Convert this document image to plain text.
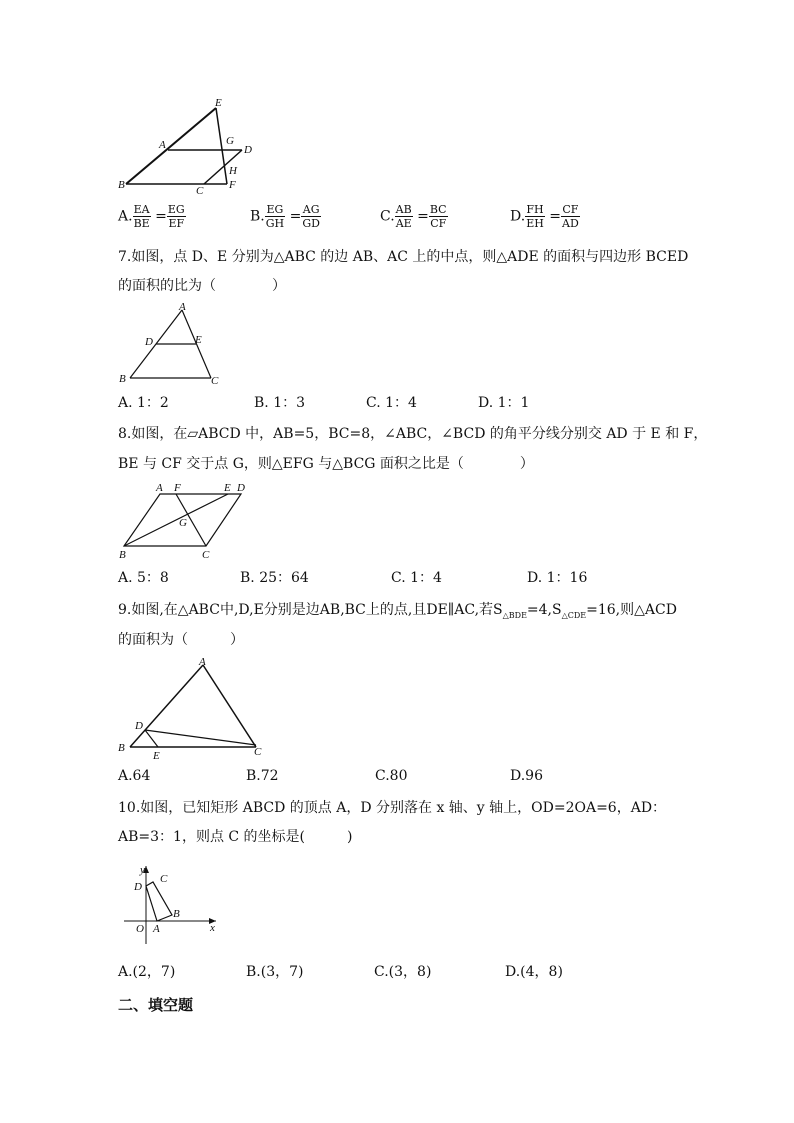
E
A	G
D
B	C
H
F
A. $\frac{EA}{BE} = \frac{EG}{EF}$	B. $\frac{EG}{GH} = \frac{AG}{GD}$	C. $\frac{AB}{AE} = \frac{BC}{CF}$	D. $\frac{FH}{EH} = \frac{CF}{AD}$
7.如图，点 D、E 分别为△ABC 的边 AB、AC 上的中点，则△ADE 的面积与四边形 BCED
的面积的比为（　　　　）
A
D	E
B	C
A. 1：2	B. 1：3	C. 1：4	D. 1：1
8.如图，在▱ABCD 中，AB=5，BC=8，∠ABC，∠BCD 的角平分线分别交 AD 于 E 和 F，
BE 与 CF 交于点 G，则△EFG 与△BCG 面积之比是（　　　　）
A F	E D
G
B	C
A. 5：8	B. 25：64	C. 1：4	D. 1：16
9.如图,在△ABC中,D,E分别是边AB,BC上的点,且DE∥AC,若$S_{\triangle BDE}=4,S_{\triangle CDE}=16$,则△ACD
的面积为（　　　）
A
D
B
E	C
A.64	B.72	C.80	D.96
10.如图，已知矩形 ABCD 的顶点 A，D 分别落在 x 轴、y 轴上，OD=2OA=6，AD：
AB=3：1，则点 C 的坐标是(　　　)
y
D
C
B
O A	x
A.(2，7)	B.(3，7)	C.(3，8)	D.(4，8)
二、填空题
